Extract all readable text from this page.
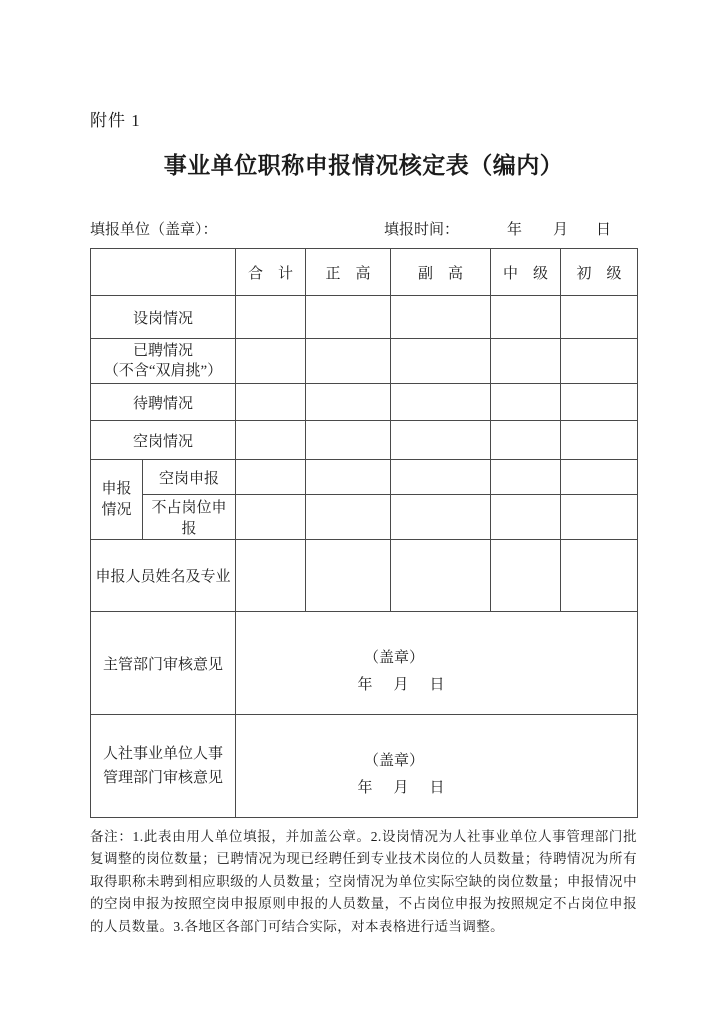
附件 1
事业单位职称申报情况核定表（编内）
填报单位（盖章）：	填报时间：	年 月 日
		合　计	正　高	副　高	中　级	初　级
设岗情况						

已聘情况
（不含“双肩挑”）						

待聘情况						
空岗情况						

申报
情况	空岗申报					
	不占岗位申报					
申报人员姓名及专业						
主管部门审核意见		（盖章）
年　月　日				

人社事业单位人事
管理部门审核意见

（盖章）
年　月　日
备注：1.此表由用人单位填报，并加盖公章。2.设岗情况为人社事业单位人事管理部门批复调整的岗位数量；已聘情况为现已经聘任到专业技术岗位的人员数量；待聘情况为所有取得职称未聘到相应职级的人员数量；空岗情况为单位实际空缺的岗位数量；申报情况中的空岗申报为按照空岗申报原则申报的人员数量，不占岗位申报为按照规定不占岗位申报的人员数量。3.各地区各部门可结合实际，对本表格进行适当调整。
